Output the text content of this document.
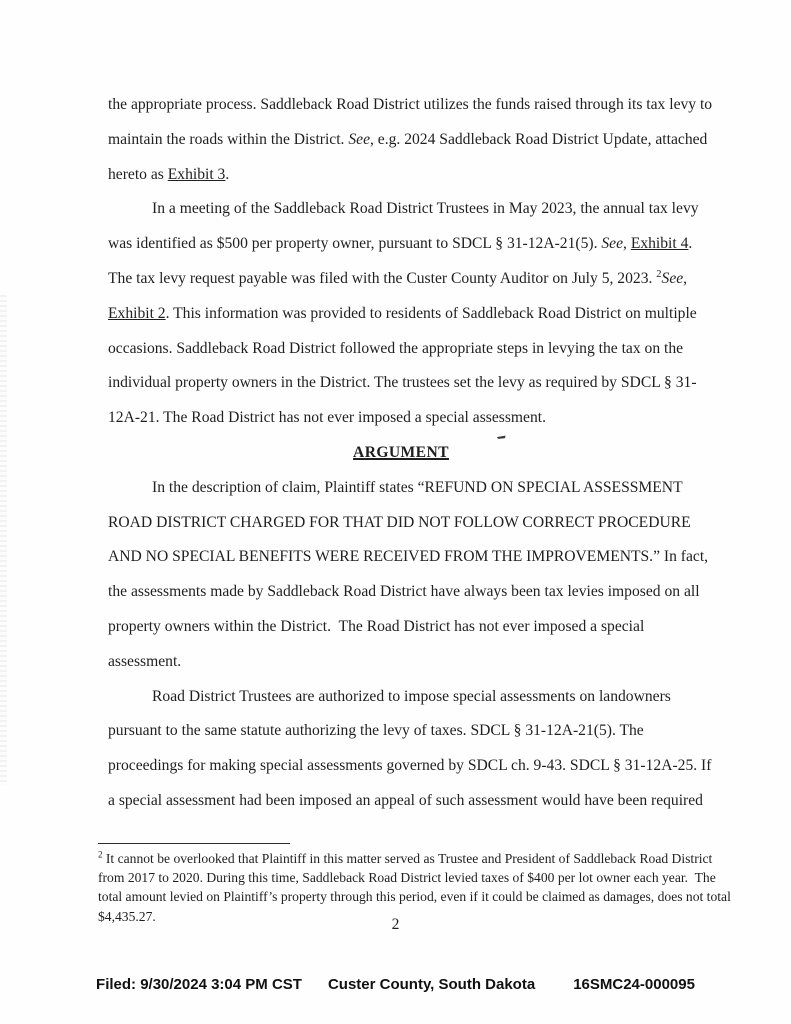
the appropriate process. Saddleback Road District utilizes the funds raised through its tax levy to
maintain the roads within the District. See, e.g. 2024 Saddleback Road District Update, attached
hereto as Exhibit 3.
In a meeting of the Saddleback Road District Trustees in May 2023, the annual tax levy
was identified as $500 per property owner, pursuant to SDCL § 31-12A-21(5). See, Exhibit 4.
The tax levy request payable was filed with the Custer County Auditor on July 5, 2023. $^2$See,
Exhibit 2. This information was provided to residents of Saddleback Road District on multiple
occasions. Saddleback Road District followed the appropriate steps in levying the tax on the
individual property owners in the District. The trustees set the levy as required by SDCL § 31-
12A-21. The Road District has not ever imposed a special assessment.
ARGUMENT
In the description of claim, Plaintiff states “REFUND ON SPECIAL ASSESSMENT
ROAD DISTRICT CHARGED FOR THAT DID NOT FOLLOW CORRECT PROCEDURE
AND NO SPECIAL BENEFITS WERE RECEIVED FROM THE IMPROVEMENTS.” In fact,
the assessments made by Saddleback Road District have always been tax levies imposed on all
property owners within the District.  The Road District has not ever imposed a special
assessment.
Road District Trustees are authorized to impose special assessments on landowners
pursuant to the same statute authorizing the levy of taxes. SDCL § 31-12A-21(5). The
proceedings for making special assessments governed by SDCL ch. 9-43. SDCL § 31-12A-25. If
a special assessment had been imposed an appeal of such assessment would have been required
$^2$ It cannot be overlooked that Plaintiff in this matter served as Trustee and President of Saddleback Road District
from 2017 to 2020. During this time, Saddleback Road District levied taxes of $400 per lot owner each year.  The
total amount levied on Plaintiff’s property through this period, even if it could be claimed as damages, does not total
$4,435.27.	2
Filed: 9/30/2024 3:04 PM CST Custer County, South Dakota	16SMC24-000095
